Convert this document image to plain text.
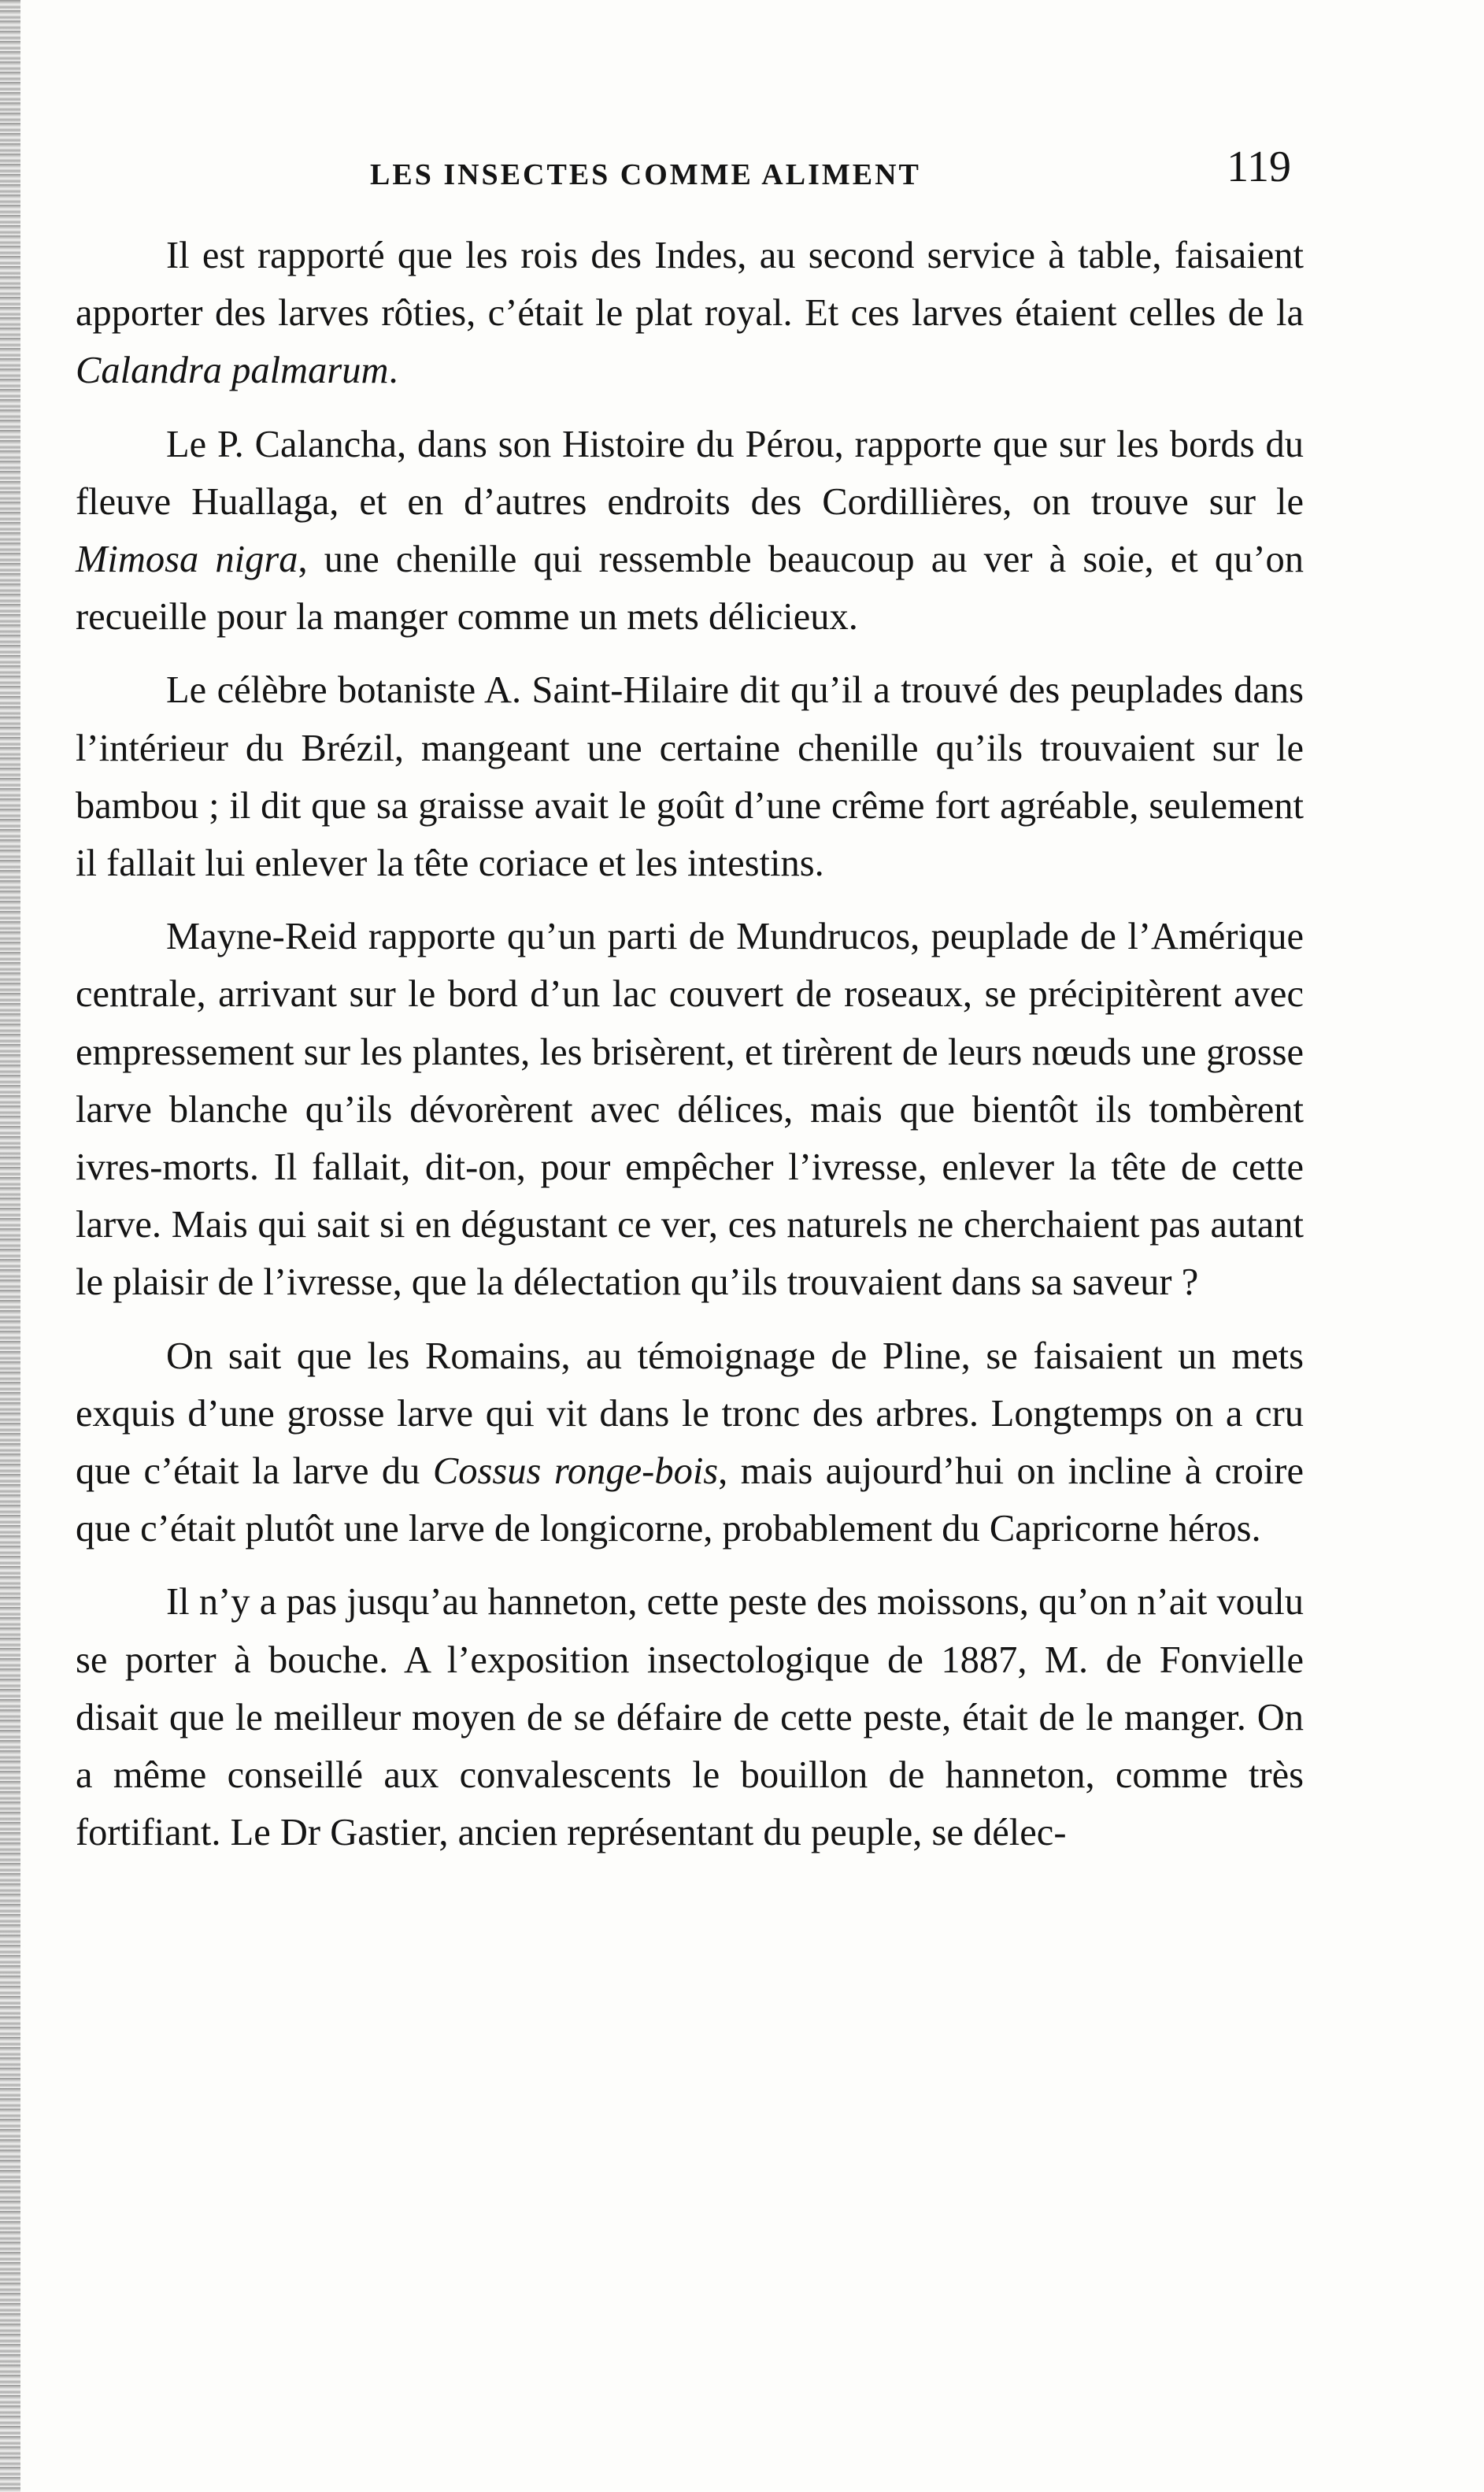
LES INSECTES COMME ALIMENT	119

Il est rapporté que les rois des Indes, au second service à table, faisaient apporter des larves rôties, c’était le plat royal. Et ces larves étaient celles de la Calandra palmarum.

Le P. Calancha, dans son Histoire du Pérou, rapporte que sur les bords du fleuve Huallaga, et en d’autres endroits des Cordillières, on trouve sur le Mimosa nigra, une chenille qui ressemble beaucoup au ver à soie, et qu’on recueille pour la manger comme un mets délicieux.

Le célèbre botaniste A. Saint-Hilaire dit qu’il a trouvé des peuplades dans l’intérieur du Brézil, mangeant une certaine chenille qu’ils trouvaient sur le bambou ; il dit que sa graisse avait le goût d’une crême fort agréable, seulement il fallait lui enlever la tête coriace et les intestins.

Mayne-Reid rapporte qu’un parti de Mundrucos, peuplade de l’Amérique centrale, arrivant sur le bord d’un lac couvert de roseaux, se précipitèrent avec empressement sur les plantes, les brisèrent, et tirèrent de leurs nœuds une grosse larve blanche qu’ils dévorèrent avec délices, mais que bientôt ils tombèrent ivres-morts. Il fallait, dit-on, pour empêcher l’ivresse, enlever la tête de cette larve. Mais qui sait si en dégustant ce ver, ces naturels ne cherchaient pas autant le plaisir de l’ivresse, que la délectation qu’ils trouvaient dans sa saveur ?

On sait que les Romains, au témoignage de Pline, se faisaient un mets exquis d’une grosse larve qui vit dans le tronc des arbres. Longtemps on a cru que c’était la larve du Cossus ronge-bois, mais aujourd’hui on incline à croire que c’était plutôt une larve de longicorne, probablement du Capricorne héros.

Il n’y a pas jusqu’au hanneton, cette peste des moissons, qu’on n’ait voulu se porter à bouche. A l’exposition insectologique de 1887, M. de Fonvielle disait que le meilleur moyen de se défaire de cette peste, était de le manger. On a même conseillé aux convalescents le bouillon de hanneton, comme très fortifiant. Le Dr Gastier, ancien représentant du peuple, se délec-
